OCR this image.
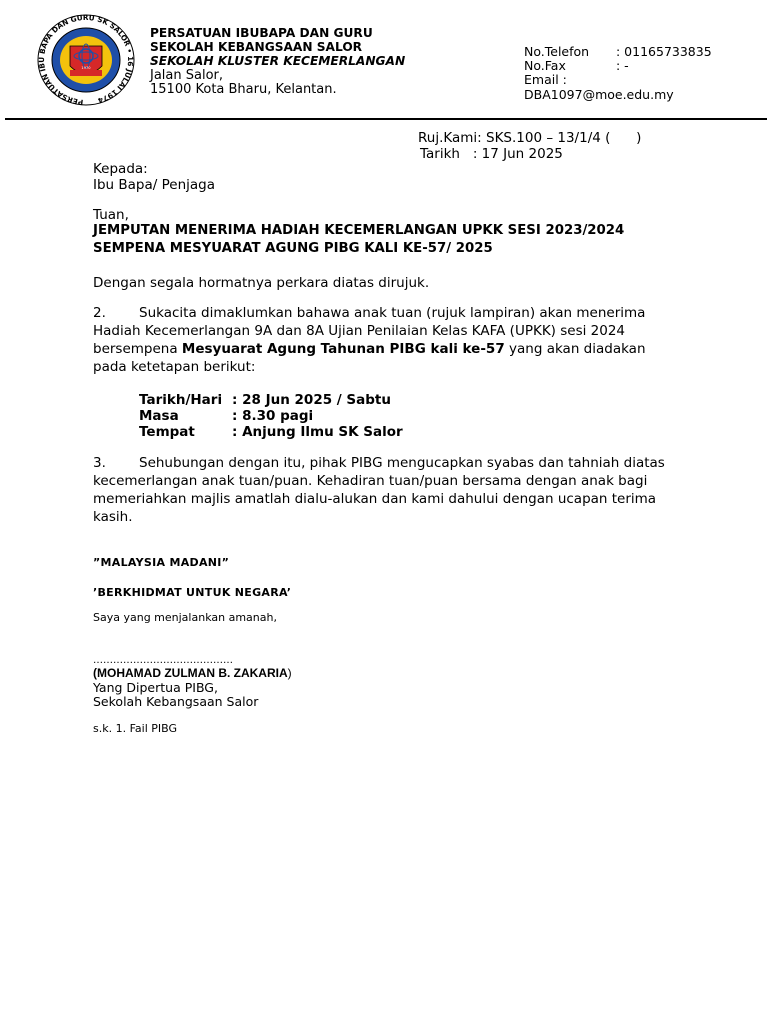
1970
PERSATUAN IBU BAPA DAN GURU SK SALOR • 16 JULAI 1974
PERSATUAN IBUBAPA DAN GURU
SEKOLAH KEBANGSAAN SALOR
SEKOLAH KLUSTER KECEMERLANGAN
Jalan Salor,
15100 Kota Bharu, Kelantan.
No.Telefon : 01165733835
No.Fax	: -
Email :
DBA1097@moe.edu.my
Ruj.Kami: SKS.100 – 13/1/4 (      )
Tarikh   : 17 Jun 2025
Kepada:
Ibu Bapa/ Penjaga
Tuan,
JEMPUTAN MENERIMA HADIAH KECEMERLANGAN UPKK SESI 2023/2024
SEMPENA MESYUARAT AGUNG PIBG KALI KE-57/ 2025
Dengan segala hormatnya perkara diatas dirujuk.
2. Sukacita dimaklumkan bahawa anak tuan (rujuk lampiran) akan menerima Hadiah Kecemerlangan 9A dan 8A Ujian Penilaian Kelas KAFA (UPKK) sesi 2024 bersempena Mesyuarat Agung Tahunan PIBG kali ke-57 yang akan diadakan pada ketetapan berikut:
Tarikh/Hari : 28 Jun 2025 / Sabtu
Masa	: 8.30 pagi
Tempat	: Anjung Ilmu SK Salor
3. Sehubungan dengan itu, pihak PIBG mengucapkan syabas dan tahniah diatas kecemerlangan anak tuan/puan. Kehadiran tuan/puan bersama dengan anak bagi memeriahkan majlis amatlah dialu-alukan dan kami dahului dengan ucapan terima kasih.
”MALAYSIA MADANI”
’BERKHIDMAT UNTUK NEGARA’
Saya yang menjalankan amanah,
……………………………………
(MOHAMAD ZULMAN B. ZAKARIA)
Yang Dipertua PIBG,
Sekolah Kebangsaan Salor
s.k. 1. Fail PIBG
